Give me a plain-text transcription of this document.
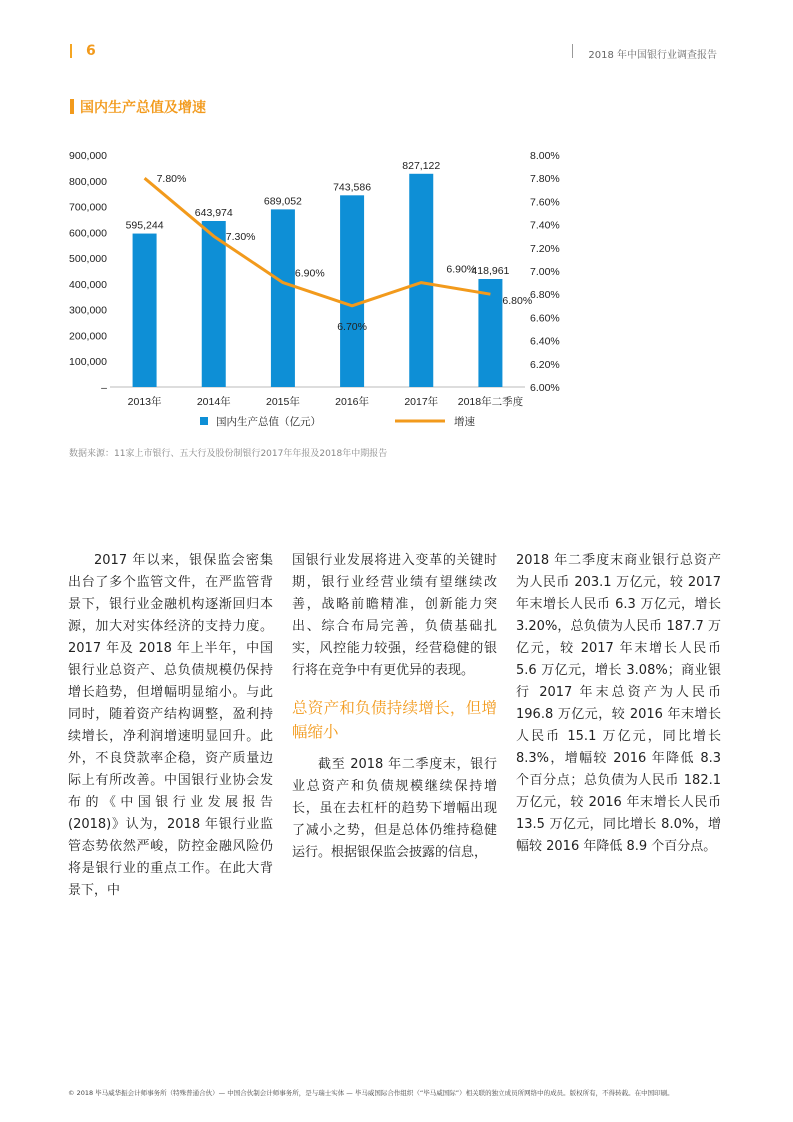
6	2018 年中国银行业调查报告
国内生产总值及增速
–
100,000
200,000
300,000
400,000
500,000
600,000
700,000
800,000
900,000
6.00%
6.20%
6.40%
6.60%
6.80%
7.00%
7.20%
7.40%
7.60%
7.80%
8.00%
595,244
643,974
689,052
743,586
827,122
418,961
2013年	2014年	2015年	2016年	2017年 2018年二季度
7.80%
7.30%
6.90%
6.70%
6.90%
6.80%
国内生产总值（亿元）	增速
数据来源：11家上市银行、五大行及股份制银行2017年年报及2018年中期报告

2017 年以来，银保监会密集出台了多个监管文件，在严监管背景下，银行业金融机构逐渐回归本源，加大对实体经济的支持力度。2017 年及 2018 年上半年，中国银行业总资产、总负债规模仍保持增长趋势，但增幅明显缩小。与此同时，随着资产结构调整，盈利持续增长，净利润增速明显回升。此外，不良贷款率企稳，资产质量边际上有所改善。中国银行业协会发布的《中国银行业发展报告 (2018)》认为，2018 年银行业监管态势依然严峻，防控金融风险仍将是银行业的重点工作。在此大背景下，中

国银行业发展将进入变革的关键时期，银行业经营业绩有望继续改善，战略前瞻精准，创新能力突出、综合布局完善，负债基础扎实，风控能力较强，经营稳健的银行将在竞争中有更优异的表现。

总资产和负债持续增长，但增幅缩小

截至 2018 年二季度末，银行业总资产和负债规模继续保持增长，虽在去杠杆的趋势下增幅出现了减小之势，但是总体仍维持稳健运行。根据银保监会披露的信息，

2018 年二季度末商业银行总资产为人民币 203.1 万亿元，较 2017 年末增长人民币 6.3 万亿元，增长 3.20%，总负债为人民币 187.7 万亿元，较 2017 年末增长人民币 5.6 万亿元，增长 3.08%；商业银行 2017 年末总资产为人民币 196.8 万亿元，较 2016 年末增长人民币 15.1 万亿元，同比增长 8.3%，增幅较 2016 年降低 8.3 个百分点；总负债为人民币 182.1 万亿元，较 2016 年末增长人民币 13.5 万亿元，同比增长 8.0%，增幅较 2016 年降低 8.9 个百分点。

© 2018 毕马威华振会计师事务所（特殊普通合伙）— 中国合伙制会计师事务所，是与瑞士实体 — 毕马威国际合作组织（“毕马威国际”）相关联的独立成员所网络中的成员。版权所有，不得转载。在中国印刷。
